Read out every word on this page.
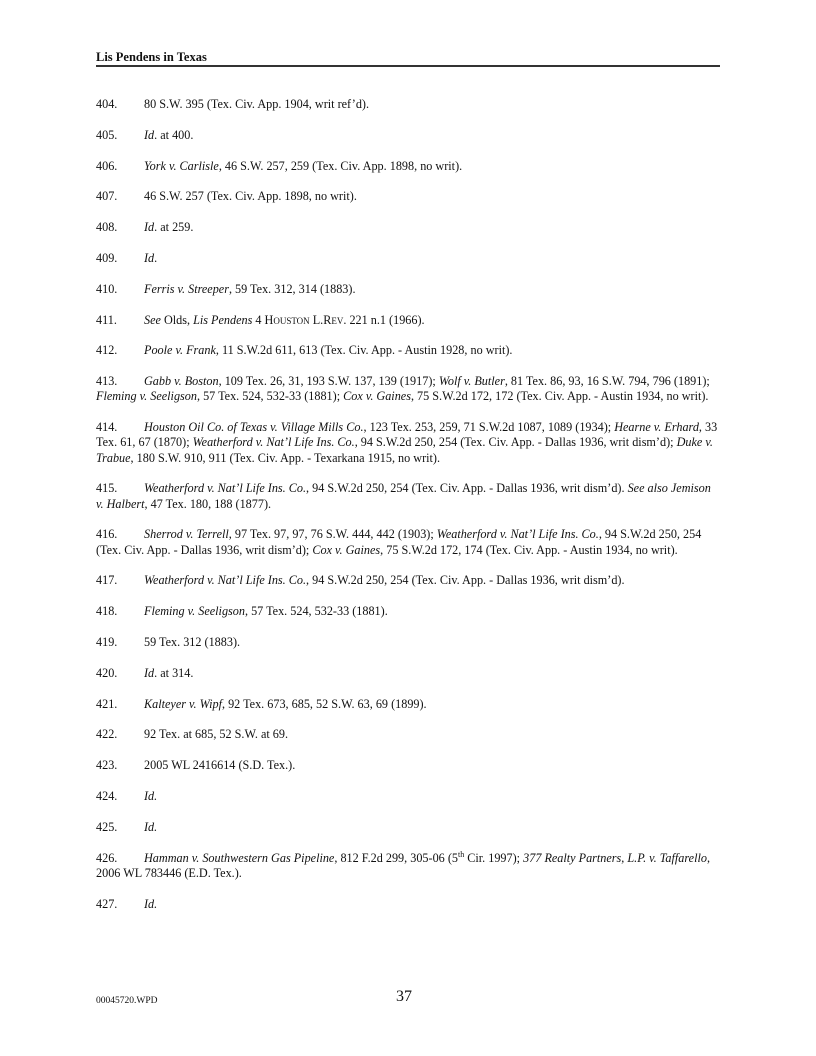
Lis Pendens in Texas
404. 80 S.W. 395 (Tex. Civ. App. 1904, writ ref’d).
405. Id. at 400.
406. York v. Carlisle, 46 S.W. 257, 259 (Tex. Civ. App. 1898, no writ).
407. 46 S.W. 257 (Tex. Civ. App. 1898, no writ).
408. Id. at 259.
409. Id.
410. Ferris v. Streeper, 59 Tex. 312, 314 (1883).
411. See Olds, Lis Pendens 4 Houston L.Rev. 221 n.1 (1966).
412. Poole v. Frank, 11 S.W.2d 611, 613 (Tex. Civ. App. - Austin 1928, no writ).
413. Gabb v. Boston, 109 Tex. 26, 31, 193 S.W. 137, 139 (1917); Wolf v. Butler, 81 Tex. 86, 93, 16 S.W. 794, 796 (1891); Fleming v. Seeligson, 57 Tex. 524, 532-33 (1881); Cox v. Gaines, 75 S.W.2d 172, 172 (Tex. Civ. App. - Austin 1934, no writ).
414. Houston Oil Co. of Texas v. Village Mills Co., 123 Tex. 253, 259, 71 S.W.2d 1087, 1089 (1934); Hearne v. Erhard, 33 Tex. 61, 67 (1870); Weatherford v. Nat’l Life Ins. Co., 94 S.W.2d 250, 254 (Tex. Civ. App. - Dallas 1936, writ dism’d); Duke v. Trabue, 180 S.W. 910, 911 (Tex. Civ. App. - Texarkana 1915, no writ).
415. Weatherford v. Nat’l Life Ins. Co., 94 S.W.2d 250, 254 (Tex. Civ. App. - Dallas 1936, writ dism’d). See also Jemison v. Halbert, 47 Tex. 180, 188 (1877).
416. Sherrod v. Terrell, 97 Tex. 97, 97, 76 S.W. 444, 442 (1903); Weatherford v. Nat’l Life Ins. Co., 94 S.W.2d 250, 254 (Tex. Civ. App. - Dallas 1936, writ dism’d); Cox v. Gaines, 75 S.W.2d 172, 174 (Tex. Civ. App. - Austin 1934, no writ).
417. Weatherford v. Nat’l Life Ins. Co., 94 S.W.2d 250, 254 (Tex. Civ. App. - Dallas 1936, writ dism’d).
418. Fleming v. Seeligson, 57 Tex. 524, 532-33 (1881).
419. 59 Tex. 312 (1883).
420. Id. at 314.
421. Kalteyer v. Wipf, 92 Tex. 673, 685, 52 S.W. 63, 69 (1899).
422. 92 Tex. at 685, 52 S.W. at 69.
423. 2005 WL 2416614 (S.D. Tex.).
424. Id.
425. Id.
426. Hamman v. Southwestern Gas Pipeline, 812 F.2d 299, 305-06 (5th Cir. 1997); 377 Realty Partners, L.P. v. Taffarello, 2006 WL 783446 (E.D. Tex.).
427. Id.
00045720.WPD	37
